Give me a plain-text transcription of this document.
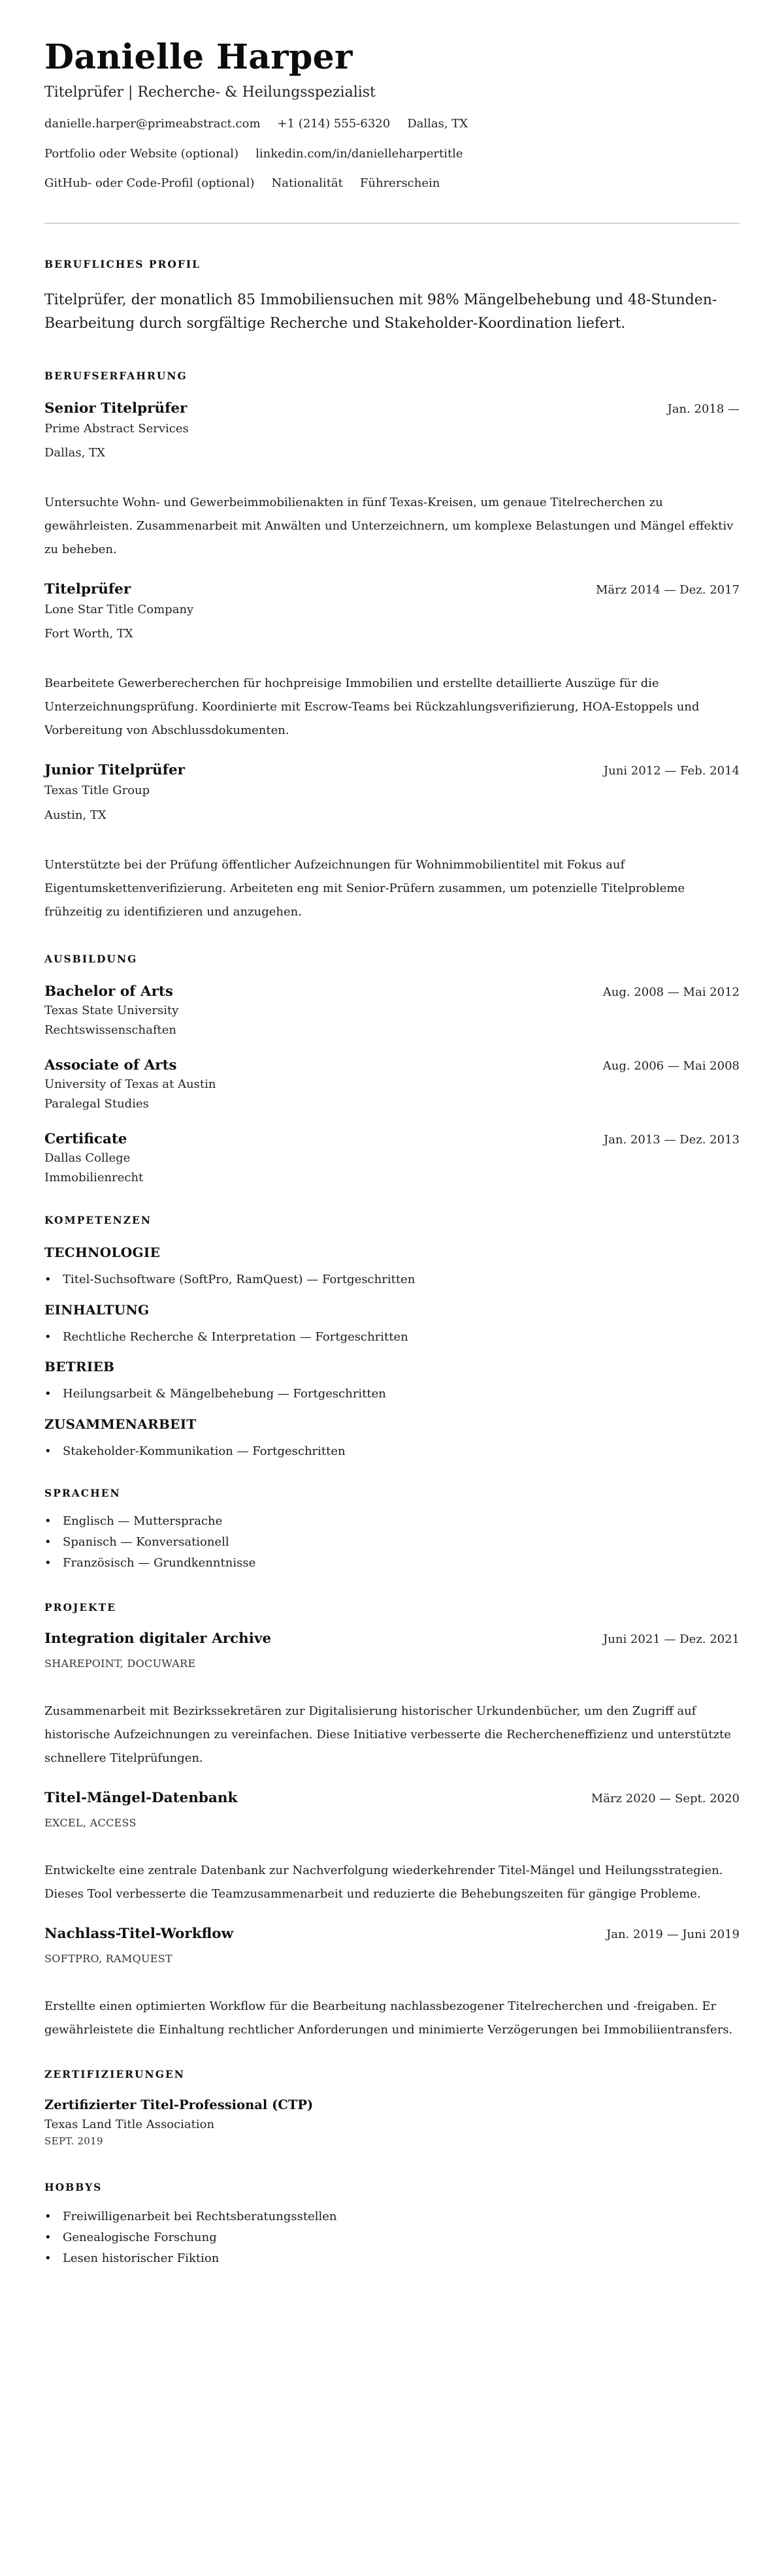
Danielle Harper
Titelprüfer | Recherche- & Heilungsspezialist
danielle.harper@primeabstract.com +1 (214) 555-6320 Dallas, TX
Portfolio oder Website (optional) linkedin.com/in/danielleharpertitle
GitHub- oder Code-Profil (optional) Nationalität Führerschein
BERUFLICHES PROFIL

Titelprüfer, der monatlich 85 Immobiliensuchen mit 98% Mängelbehebung und 48-Stunden-Bearbeitung durch sorgfältige Recherche und Stakeholder-Koordination liefert.

BERUFSERFAHRUNG
Senior Titelprüfer	Jan. 2018 —
Prime Abstract Services
Dallas, TX

Untersuchte Wohn- und Gewerbeimmobilienakten in fünf Texas-Kreisen, um genaue Titelrecherchen zu gewährleisten. Zusammenarbeit mit Anwälten und Unterzeichnern, um komplexe Belastungen und Mängel effektiv zu beheben.

Titelprüfer	März 2014 — Dez. 2017
Lone Star Title Company
Fort Worth, TX

Bearbeitete Gewerberecherchen für hochpreisige Immobilien und erstellte detaillierte Auszüge für die Unterzeichnungsprüfung. Koordinierte mit Escrow-Teams bei Rückzahlungsverifizierung, HOA-Estoppels und Vorbereitung von Abschlussdokumenten.

Junior Titelprüfer	Juni 2012 — Feb. 2014
Texas Title Group
Austin, TX

Unterstützte bei der Prüfung öffentlicher Aufzeichnungen für Wohnimmobilientitel mit Fokus auf Eigentumskettenverifizierung. Arbeiteten eng mit Senior-Prüfern zusammen, um potenzielle Titelprobleme frühzeitig zu identifizieren und anzugehen.

AUSBILDUNG
Bachelor of Arts	Aug. 2008 — Mai 2012
Texas State University
Rechtswissenschaften
Associate of Arts	Aug. 2006 — Mai 2008
University of Texas at Austin
Paralegal Studies
Certificate	Jan. 2013 — Dez. 2013
Dallas College
Immobilienrecht
KOMPETENZEN
TECHNOLOGIE
• Titel-Suchsoftware (SoftPro, RamQuest) — Fortgeschritten
EINHALTUNG
• Rechtliche Recherche & Interpretation — Fortgeschritten
BETRIEB
• Heilungsarbeit & Mängelbehebung — Fortgeschritten
ZUSAMMENARBEIT
• Stakeholder-Kommunikation — Fortgeschritten
SPRACHEN
• Englisch — Muttersprache
• Spanisch — Konversationell
• Französisch — Grundkenntnisse
PROJEKTE
Integration digitaler Archive	Juni 2021 — Dez. 2021
SHAREPOINT, DOCUWARE

Zusammenarbeit mit Bezirkssekretären zur Digitalisierung historischer Urkundenbücher, um den Zugriff auf historische Aufzeichnungen zu vereinfachen. Diese Initiative verbesserte die Rechercheneffizienz und unterstützte schnellere Titelprüfungen.

Titel-Mängel-Datenbank	März 2020 — Sept. 2020
EXCEL, ACCESS

Entwickelte eine zentrale Datenbank zur Nachverfolgung wiederkehrender Titel-Mängel und Heilungsstrategien. Dieses Tool verbesserte die Teamzusammenarbeit und reduzierte die Behebungszeiten für gängige Probleme.

Nachlass-Titel-Workflow	Jan. 2019 — Juni 2019
SOFTPRO, RAMQUEST

Erstellte einen optimierten Workflow für die Bearbeitung nachlassbezogener Titelrecherchen und -freigaben. Er gewährleistete die Einhaltung rechtlicher Anforderungen und minimierte Verzögerungen bei Immobiliientransfers.

ZERTIFIZIERUNGEN
Zertifizierter Titel-Professional (CTP)
Texas Land Title Association
SEPT. 2019
HOBBYS
• Freiwilligenarbeit bei Rechtsberatungsstellen
• Genealogische Forschung
• Lesen historischer Fiktion
